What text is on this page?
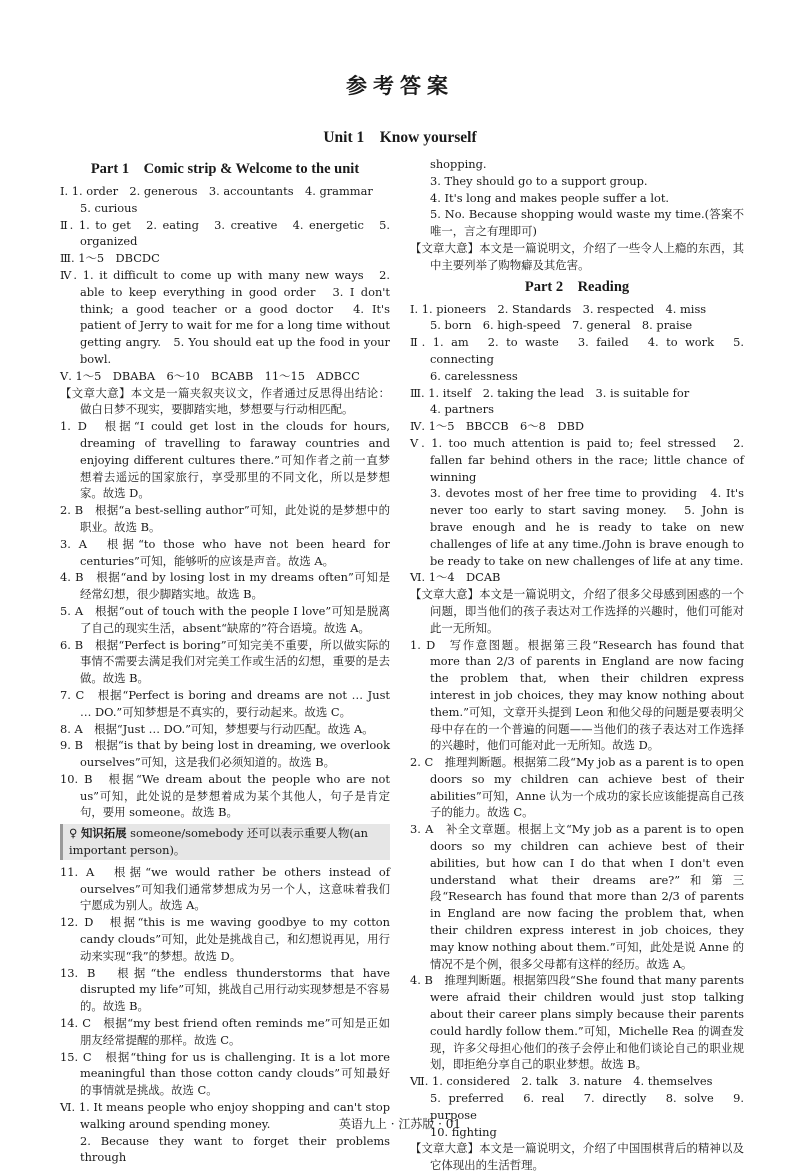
参考答案
Unit 1　Know yourself
Part 1　Comic strip & Welcome to the unit

Ⅰ. 1. order　2. generous　3. accountants　4. grammar

5. curious

Ⅱ. 1. to get　2. eating　3. creative　4. energetic　5. organized

Ⅲ. 1～5　DBCDC

Ⅳ. 1. it difficult to come up with many new ways　2. able to keep everything in good order　3. I don't think; a good teacher or a good doctor　4. It's patient of Jerry to wait for me for a long time without getting angry.　5. You should eat up the food in your bowl.

Ⅴ. 1～5　DBABA　6～10　BCABB　11～15　ADBCC

【文章大意】本文是一篇夹叙夹议文，作者通过反思得出结论：做白日梦不现实，要脚踏实地，梦想要与行动相匹配。

1. D　根据“I could get lost in the clouds for hours, dreaming of travelling to faraway countries and enjoying different cultures there.”可知作者之前一直梦想着去遥远的国家旅行，享受那里的不同文化，所以是梦想家。故选 D。

2. B　根据“a best-selling author”可知，此处说的是梦想中的职业。故选 B。

3. A　根据“to those who have not been heard for centuries”可知，能够听的应该是声音。故选 A。

4. B　根据“and by losing lost in my dreams often”可知是经常幻想，很少脚踏实地。故选 B。

5. A　根据“out of touch with the people I love”可知是脱离了自己的现实生活，absent“缺席的”符合语境。故选 A。

6. B　根据“Perfect is boring”可知完美不重要，所以做实际的事情不需要去满足我们对完美工作或生活的幻想，重要的是去做。故选 B。

7. C　根据“Perfect is boring and dreams are not … Just … DO.”可知梦想是不真实的，要行动起来。故选 C。

8. A　根据“Just … DO.”可知，梦想要与行动匹配。故选 A。

9. B　根据“is that by being lost in dreaming, we overlook ourselves”可知，这是我们必须知道的。故选 B。

10. B　根据“We dream about the people who are not us”可知，此处说的是梦想着成为某个其他人，句子是肯定句，要用 someone。故选 B。

♀ 知识拓展 someone/somebody 还可以表示重要人物(an important person)。

11. A　根据“we would rather be others instead of ourselves”可知我们通常梦想成为另一个人，这意味着我们宁愿成为别人。故选 A。

12. D　根据“this is me waving goodbye to my cotton candy clouds”可知，此处是挑战自己，和幻想说再见，用行动来实现“我”的梦想。故选 D。

13. B　根据“the endless thunderstorms that have disrupted my life”可知，挑战自己用行动实现梦想是不容易的。故选 B。

14. C　根据“my best friend often reminds me”可知是正如朋友经常提醒的那样。故选 C。

15. C　根据“thing for us is challenging. It is a lot more meaningful than those cotton candy clouds”可知最好的事情就是挑战。故选 C。

Ⅵ. 1. It means people who enjoy shopping and can't stop walking around spending money.

2. Because they want to forget their problems through

shopping.

3. They should go to a support group.

4. It's long and makes people suffer a lot.

5. No. Because shopping would waste my time.(答案不唯一，言之有理即可)

【文章大意】本文是一篇说明文，介绍了一些令人上瘾的东西，其中主要列举了购物癖及其危害。

Part 2　Reading

Ⅰ. 1. pioneers　2. Standards　3. respected　4. miss

5. born　6. high-speed　7. general　8. praise

Ⅱ. 1. am　2. to waste　3. failed　4. to work　5. connecting

6. carelessness

Ⅲ. 1. itself　2. taking the lead　3. is suitable for

4. partners

Ⅳ. 1～5　BBCCB　6～8　DBD

Ⅴ. 1. too much attention is paid to; feel stressed　2. fallen far behind others in the race; little chance of winning

3. devotes most of her free time to providing　4. It's never too early to start saving money.　5. John is brave enough and he is ready to take on new challenges of life at any time./John is brave enough to be ready to take on new challenges of life at any time.

Ⅵ. 1～4　DCAB

【文章大意】本文是一篇说明文，介绍了很多父母感到困惑的一个问题，即当他们的孩子表达对工作选择的兴趣时，他们可能对此一无所知。

1. D　写作意图题。根据第三段“Research has found that more than 2/3 of parents in England are now facing the problem that, when their children express interest in job choices, they may know nothing about them.”可知，文章开头提到 Leon 和他父母的问题是要表明父母中存在的一个普遍的问题——当他们的孩子表达对工作选择的兴趣时，他们可能对此一无所知。故选 D。

2. C　推理判断题。根据第二段“My job as a parent is to open doors so my children can achieve best of their abilities”可知，Anne 认为一个成功的家长应该能提高自己孩子的能力。故选 C。

3. A　补全文章题。根据上文“My job as a parent is to open doors so my children can achieve best of their abilities, but how can I do that when I don't even understand what their dreams are?”和第三段“Research has found that more than 2/3 of parents in England are now facing the problem that, when their children express interest in job choices, they may know nothing about them.”可知，此处是说 Anne 的情况不是个例，很多父母都有这样的经历。故选 A。

4. B　推理判断题。根据第四段“She found that many parents were afraid their children would just stop talking about their career plans simply because their parents could hardly follow them.”可知，Michelle Rea 的调查发现，许多父母担心他们的孩子会停止和他们谈论自己的职业规划，即拒绝分享自己的职业梦想。故选 B。

Ⅶ. 1. considered　2. talk　3. nature　4. themselves

5. preferred　6. real　7. directly　8. solve　9. purpose

10. fighting

【文章大意】本文是一篇说明文，介绍了中国围棋背后的精神以及它体现出的生活哲理。

英语九上 · 江苏版 · 01
